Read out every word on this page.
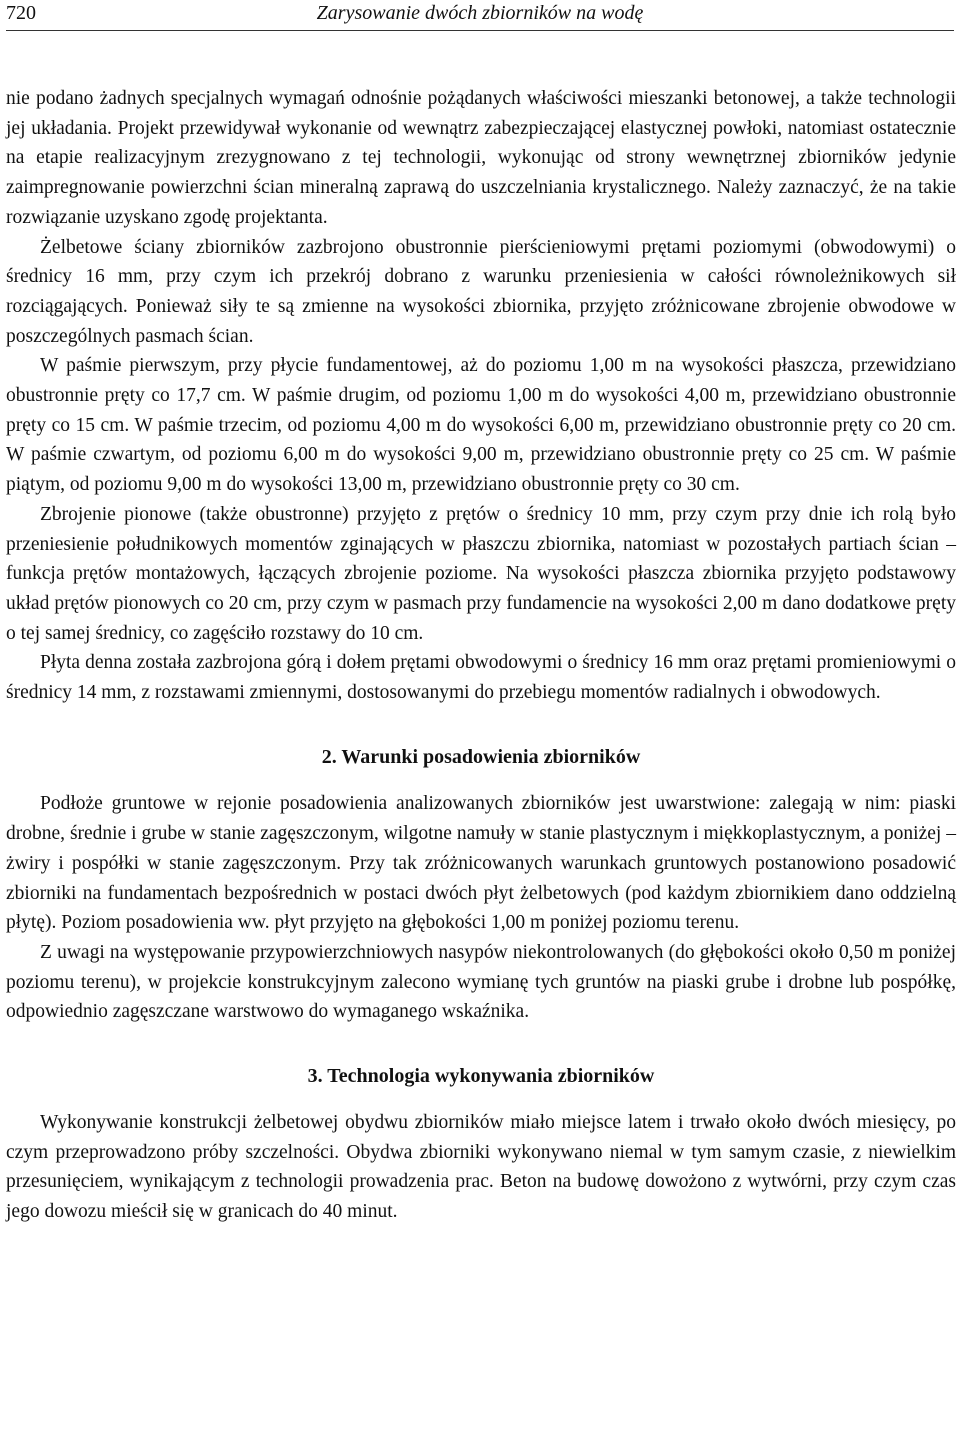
720	Zarysowanie dwóch zbiorników na wodę

nie podano żadnych specjalnych wymagań odnośnie pożądanych właściwości mieszanki betonowej, a także technologii jej układania. Projekt przewidywał wykonanie od wewnątrz zabezpieczającej elastycznej powłoki, natomiast ostatecznie na etapie realizacyjnym zrezygnowano z tej technologii, wykonując od strony wewnętrznej zbiorników jedynie zaimpregnowanie powierzchni ścian mineralną zaprawą do uszczelniania krystalicznego. Należy zaznaczyć, że na takie rozwiązanie uzyskano zgodę projektanta.

Żelbetowe ściany zbiorników zazbrojono obustronnie pierścieniowymi prętami poziomymi (obwodowymi) o średnicy 16 mm, przy czym ich przekrój dobrano z warunku przeniesienia w całości równoleżnikowych sił rozciągających. Ponieważ siły te są zmienne na wysokości zbiornika, przyjęto zróżnicowane zbrojenie obwodowe w poszczególnych pasmach ścian.

W paśmie pierwszym, przy płycie fundamentowej, aż do poziomu 1,00 m na wysokości płaszcza, przewidziano obustronnie pręty co 17,7 cm. W paśmie drugim, od poziomu 1,00 m do wysokości 4,00 m, przewidziano obustronnie pręty co 15 cm. W paśmie trzecim, od poziomu 4,00 m do wysokości 6,00 m, przewidziano obustronnie pręty co 20 cm. W paśmie czwartym, od poziomu 6,00 m do wysokości 9,00 m, przewidziano obustronnie pręty co 25 cm. W paśmie piątym, od poziomu 9,00 m do wysokości 13,00 m, przewidziano obustronnie pręty co 30 cm.

Zbrojenie pionowe (także obustronne) przyjęto z prętów o średnicy 10 mm, przy czym przy dnie ich rolą było przeniesienie południkowych momentów zginających w płaszczu zbiornika, natomiast w pozostałych partiach ścian – funkcja prętów montażowych, łączących zbrojenie poziome. Na wysokości płaszcza zbiornika przyjęto podstawowy układ prętów pionowych co 20 cm, przy czym w pasmach przy fundamencie na wysokości 2,00 m dano dodatkowe pręty o tej samej średnicy, co zagęściło rozstawy do 10 cm.

Płyta denna została zazbrojona górą i dołem prętami obwodowymi o średnicy 16 mm oraz prętami promieniowymi o średnicy 14 mm, z rozstawami zmiennymi, dostosowanymi do przebiegu momentów radialnych i obwodowych.

2. Warunki posadowienia zbiorników

Podłoże gruntowe w rejonie posadowienia analizowanych zbiorników jest uwarstwione: zalegają w nim: piaski drobne, średnie i grube w stanie zagęszczonym, wilgotne namuły w stanie plastycznym i miękkoplastycznym, a poniżej – żwiry i pospółki w stanie zagęszczonym. Przy tak zróżnicowanych warunkach gruntowych postanowiono posadowić zbiorniki na fundamentach bezpośrednich w postaci dwóch płyt żelbetowych (pod każdym zbiornikiem dano oddzielną płytę). Poziom posadowienia ww. płyt przyjęto na głębokości 1,00 m poniżej poziomu terenu.

Z uwagi na występowanie przypowierzchniowych nasypów niekontrolowanych (do głębokości około 0,50 m poniżej poziomu terenu), w projekcie konstrukcyjnym zalecono wymianę tych gruntów na piaski grube i drobne lub pospółkę, odpowiednio zagęszczane warstwowo do wymaganego wskaźnika.

3. Technologia wykonywania zbiorników

Wykonywanie konstrukcji żelbetowej obydwu zbiorników miało miejsce latem i trwało około dwóch miesięcy, po czym przeprowadzono próby szczelności. Obydwa zbiorniki wykonywano niemal w tym samym czasie, z niewielkim przesunięciem, wynikającym z technologii prowadzenia prac. Beton na budowę dowożono z wytwórni, przy czym czas jego dowozu mieścił się w granicach do 40 minut.
